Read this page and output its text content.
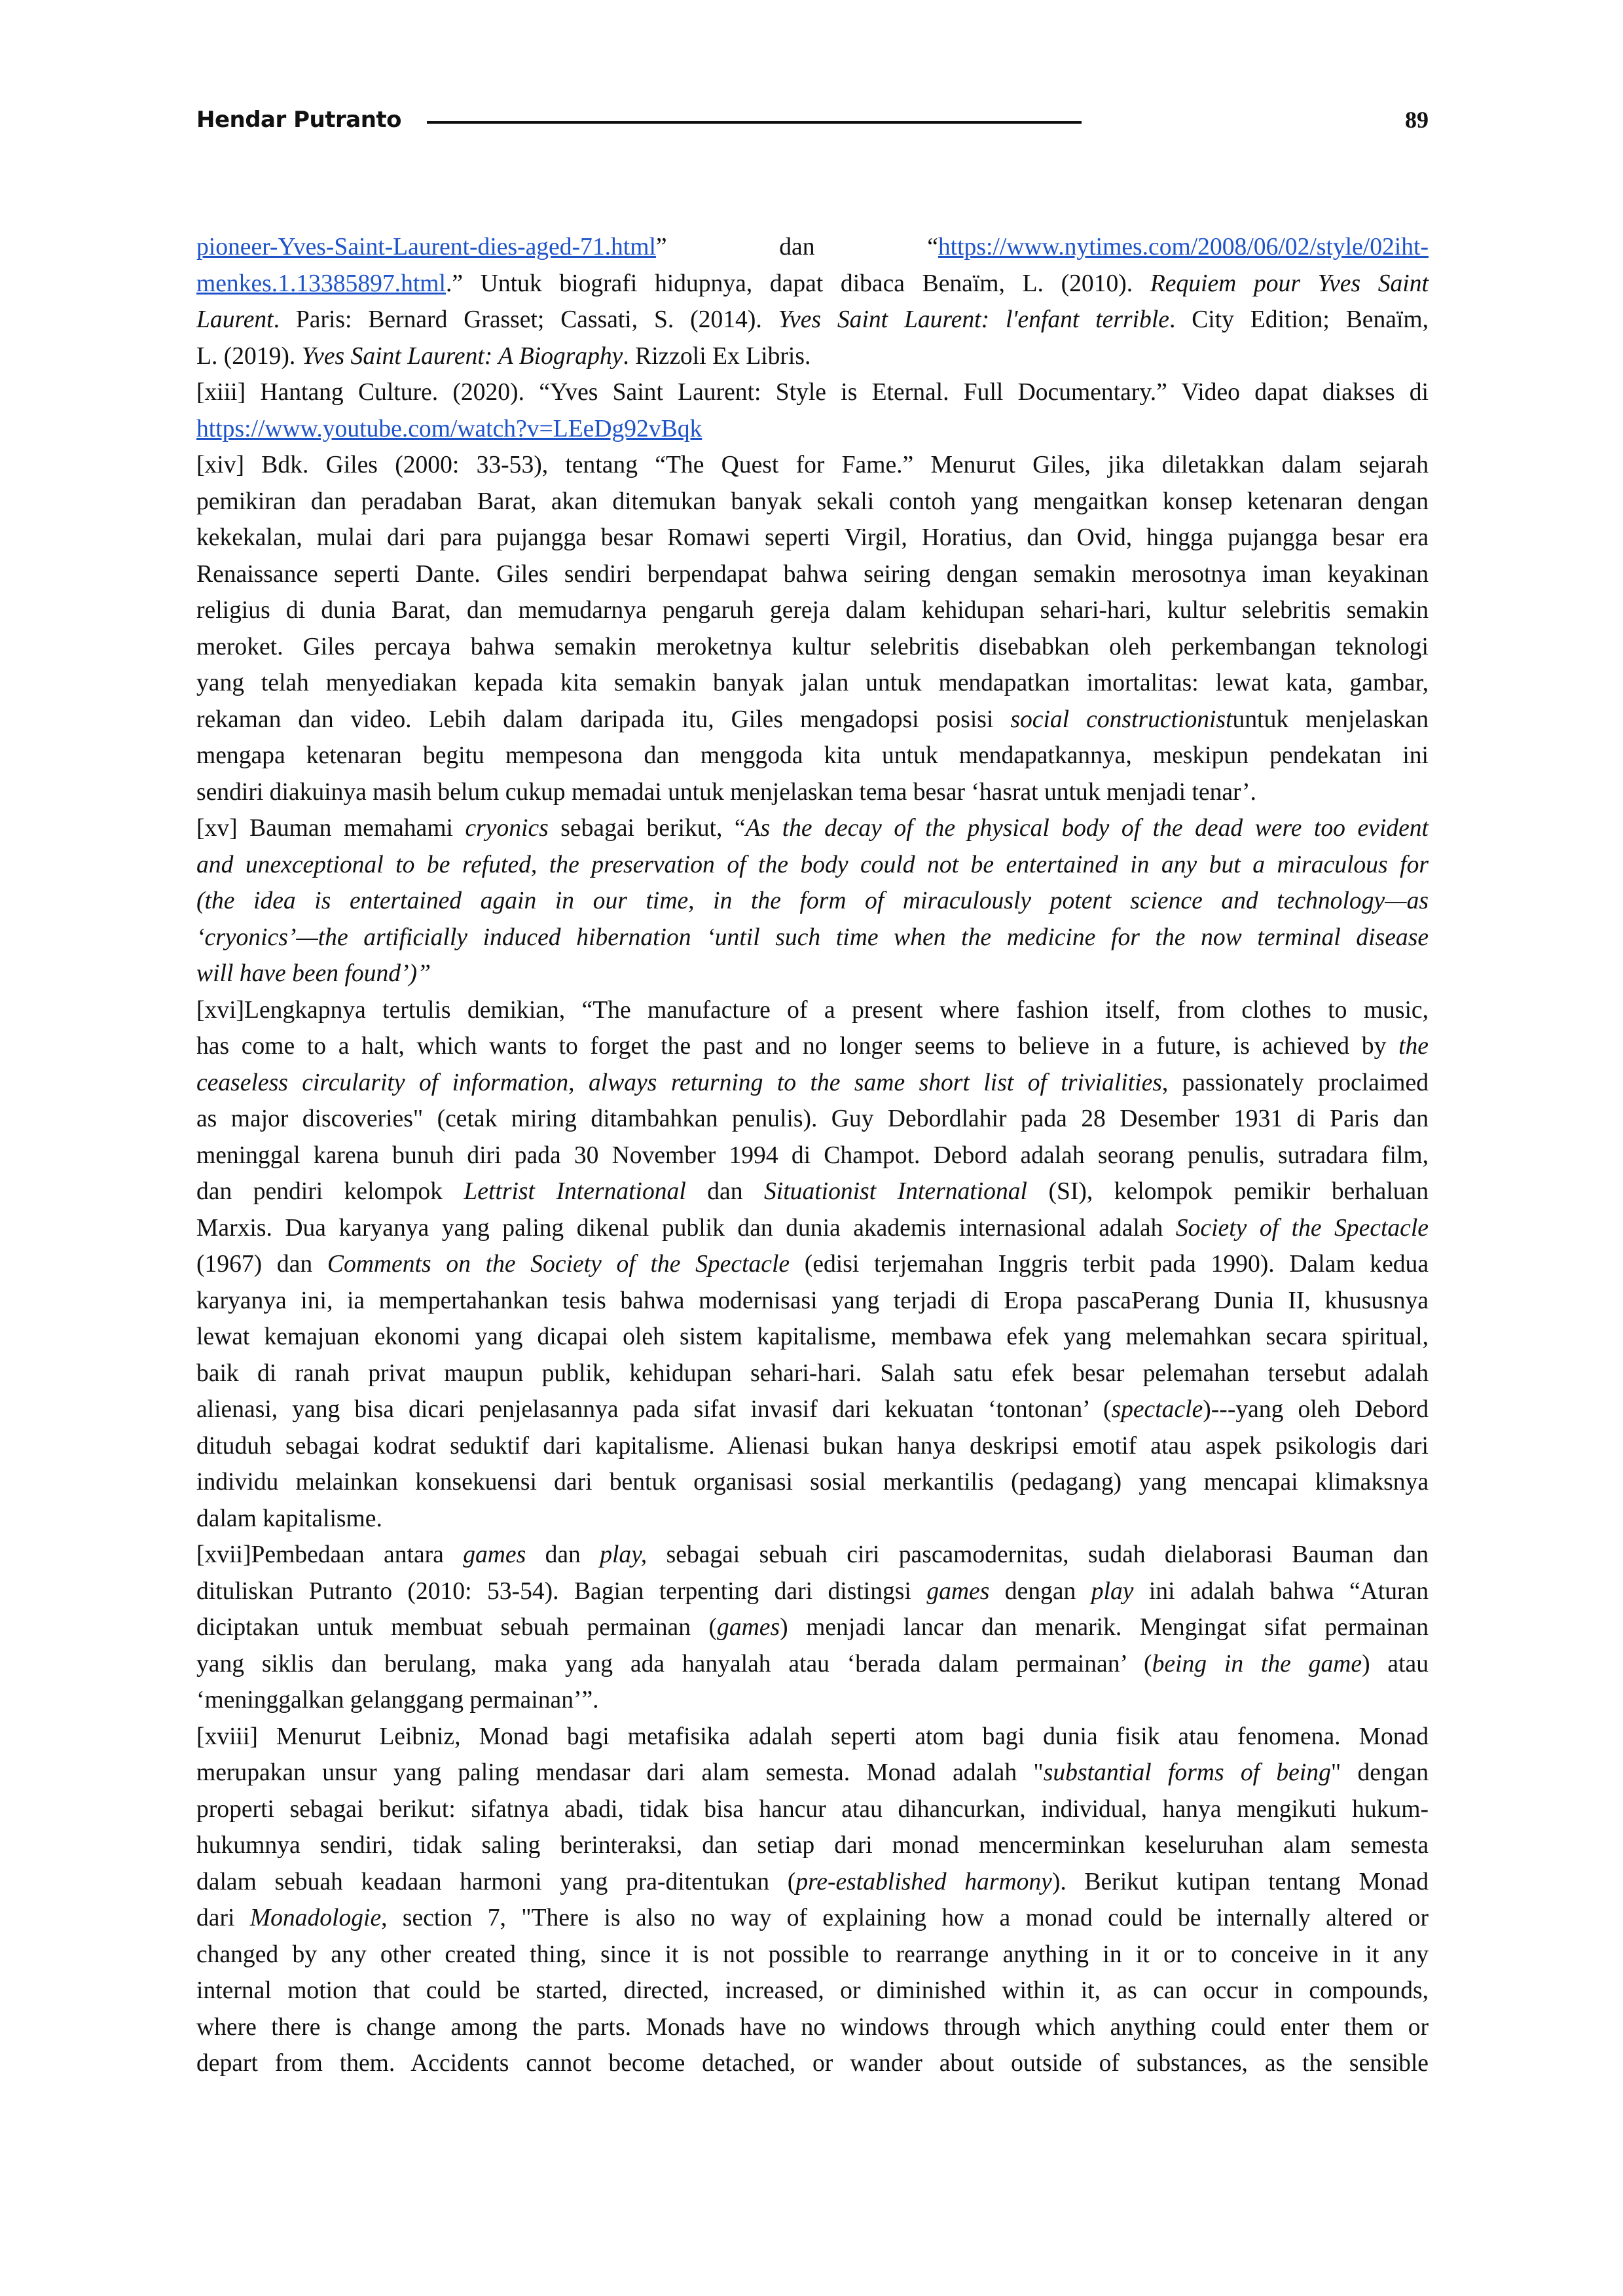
Hendar Putranto	89
pioneer-Yves-Saint-Laurent-dies-aged-71.html”	dan	“https://www.nytimes.com/2008/06/02/style/02iht-
menkes.1.13385897.html.” Untuk biografi hidupnya, dapat dibaca Benaïm, L. (2010). Requiem pour Yves Saint
Laurent. Paris: Bernard Grasset; Cassati, S. (2014). Yves Saint Laurent: l'enfant terrible. City Edition; Benaïm,
L. (2019). Yves Saint Laurent: A Biography. Rizzoli Ex Libris.
[xiii] Hantang Culture. (2020). “Yves Saint Laurent: Style is Eternal. Full Documentary.” Video dapat diakses di
https://www.youtube.com/watch?v=LEeDg92vBqk
[xiv] Bdk. Giles (2000: 33-53), tentang “The Quest for Fame.” Menurut Giles, jika diletakkan dalam sejarah
pemikiran dan peradaban Barat, akan ditemukan banyak sekali contoh yang mengaitkan konsep ketenaran dengan
kekekalan, mulai dari para pujangga besar Romawi seperti Virgil, Horatius, dan Ovid, hingga pujangga besar era
Renaissance seperti Dante. Giles sendiri berpendapat bahwa seiring dengan semakin merosotnya iman keyakinan
religius di dunia Barat, dan memudarnya pengaruh gereja dalam kehidupan sehari-hari, kultur selebritis semakin
meroket. Giles percaya bahwa semakin meroketnya kultur selebritis disebabkan oleh perkembangan teknologi
yang telah menyediakan kepada kita semakin banyak jalan untuk mendapatkan imortalitas: lewat kata, gambar,
rekaman dan video. Lebih dalam daripada itu, Giles mengadopsi posisi social constructionistuntuk menjelaskan
mengapa ketenaran begitu mempesona dan menggoda kita untuk mendapatkannya, meskipun pendekatan ini
sendiri diakuinya masih belum cukup memadai untuk menjelaskan tema besar ‘hasrat untuk menjadi tenar’.
[xv] Bauman memahami cryonics sebagai berikut, “As the decay of the physical body of the dead were too evident
and unexceptional to be refuted, the preservation of the body could not be entertained in any but a miraculous for
(the idea is entertained again in our time, in the form of miraculously potent science and technology—as
‘cryonics’—the artificially induced hibernation ‘until such time when the medicine for the now terminal disease
will have been found’)”
[xvi]Lengkapnya tertulis demikian, “The manufacture of a present where fashion itself, from clothes to music,
has come to a halt, which wants to forget the past and no longer seems to believe in a future, is achieved by the
ceaseless circularity of information, always returning to the same short list of trivialities, passionately proclaimed
as major discoveries" (cetak miring ditambahkan penulis). Guy Debordlahir pada 28 Desember 1931 di Paris dan
meninggal karena bunuh diri pada 30 November 1994 di Champot. Debord adalah seorang penulis, sutradara film,
dan pendiri kelompok Lettrist International dan Situationist International (SI), kelompok pemikir berhaluan
Marxis. Dua karyanya yang paling dikenal publik dan dunia akademis internasional adalah Society of the Spectacle
(1967) dan Comments on the Society of the Spectacle (edisi terjemahan Inggris terbit pada 1990). Dalam kedua
karyanya ini, ia mempertahankan tesis bahwa modernisasi yang terjadi di Eropa pascaPerang Dunia II, khususnya
lewat kemajuan ekonomi yang dicapai oleh sistem kapitalisme, membawa efek yang melemahkan secara spiritual,
baik di ranah privat maupun publik, kehidupan sehari-hari. Salah satu efek besar pelemahan tersebut adalah
alienasi, yang bisa dicari penjelasannya pada sifat invasif dari kekuatan ‘tontonan’ (spectacle)---yang oleh Debord
dituduh sebagai kodrat seduktif dari kapitalisme. Alienasi bukan hanya deskripsi emotif atau aspek psikologis dari
individu melainkan konsekuensi dari bentuk organisasi sosial merkantilis (pedagang) yang mencapai klimaksnya
dalam kapitalisme.
[xvii]Pembedaan antara games dan play, sebagai sebuah ciri pascamodernitas, sudah dielaborasi Bauman dan
dituliskan Putranto (2010: 53-54). Bagian terpenting dari distingsi games dengan play ini adalah bahwa “Aturan
diciptakan untuk membuat sebuah permainan (games) menjadi lancar dan menarik. Mengingat sifat permainan
yang siklis dan berulang, maka yang ada hanyalah atau ‘berada dalam permainan’ (being in the game) atau
‘meninggalkan gelanggang permainan’”.
[xviii] Menurut Leibniz, Monad bagi metafisika adalah seperti atom bagi dunia fisik atau fenomena. Monad
merupakan unsur yang paling mendasar dari alam semesta. Monad adalah "substantial forms of being" dengan
properti sebagai berikut: sifatnya abadi, tidak bisa hancur atau dihancurkan, individual, hanya mengikuti hukum-
hukumnya sendiri, tidak saling berinteraksi, dan setiap dari monad mencerminkan keseluruhan alam semesta
dalam sebuah keadaan harmoni yang pra-ditentukan (pre-established harmony). Berikut kutipan tentang Monad
dari Monadologie, section 7, "There is also no way of explaining how a monad could be internally altered or
changed by any other created thing, since it is not possible to rearrange anything in it or to conceive in it any
internal motion that could be started, directed, increased, or diminished within it, as can occur in compounds,
where there is change among the parts. Monads have no windows through which anything could enter them or
depart from them. Accidents cannot become detached, or wander about outside of substances, as the sensible
